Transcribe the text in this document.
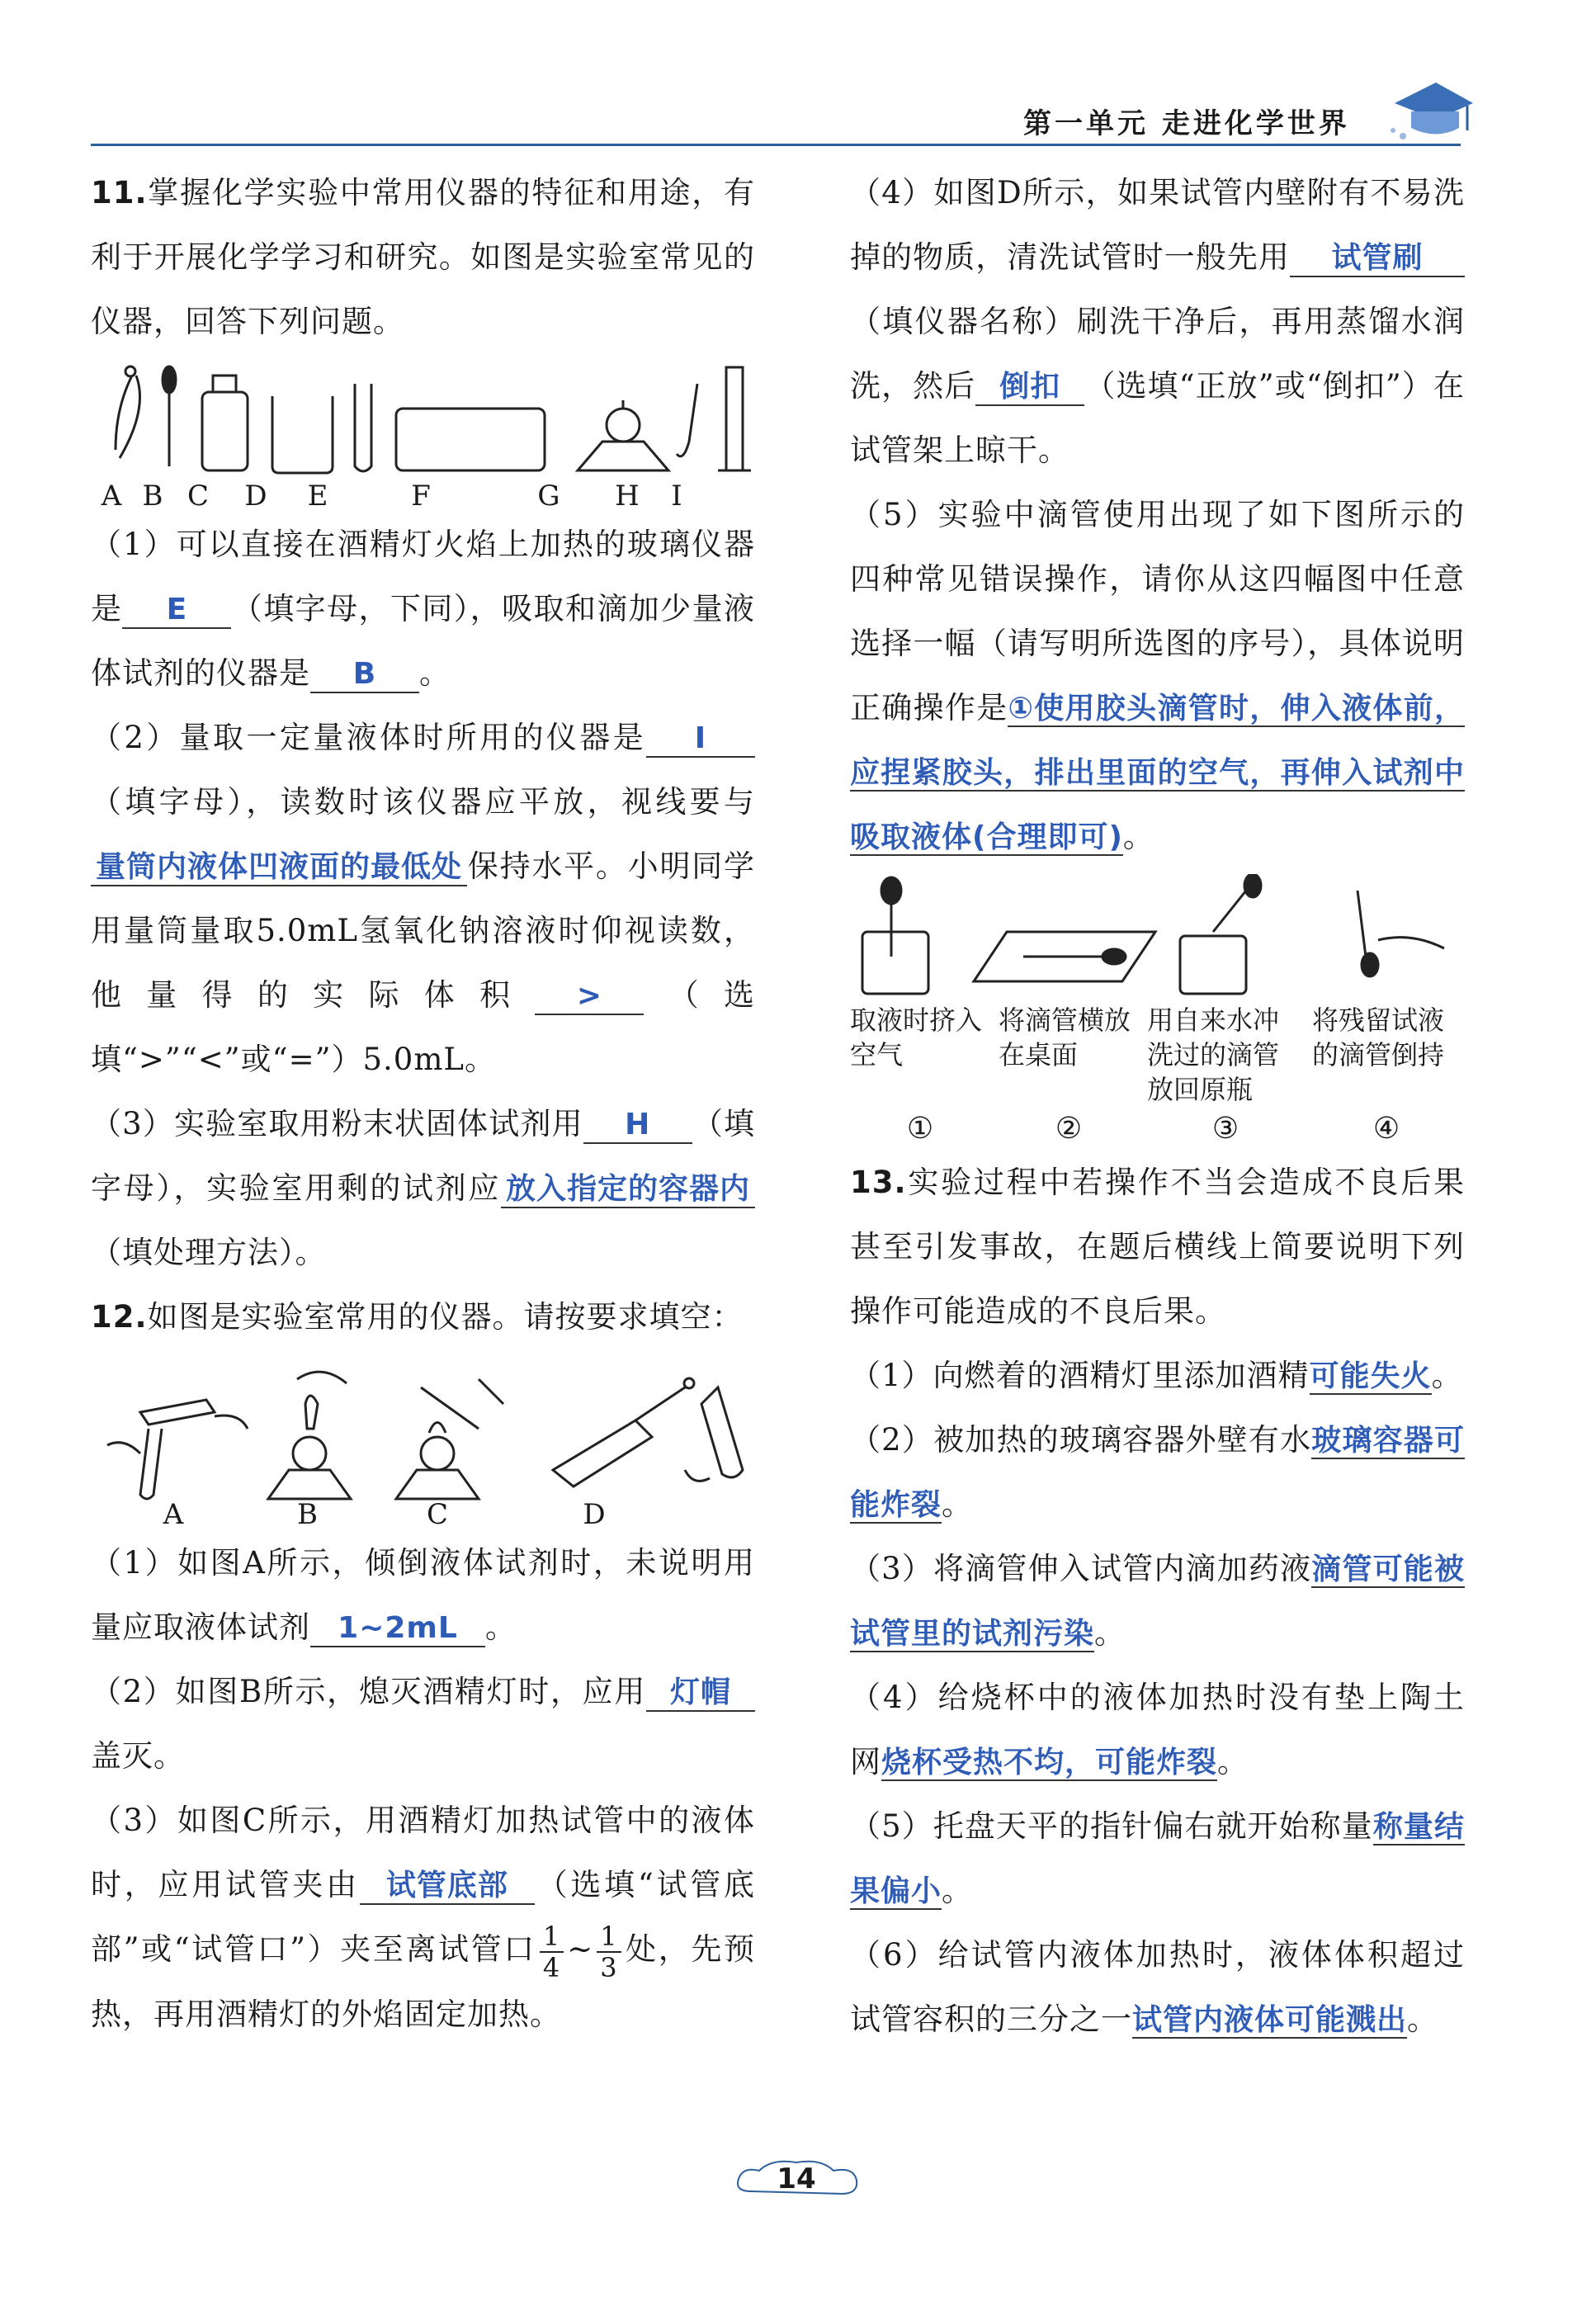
第一单元 走进化学世界

11.掌握化学实验中常用仪器的特征和用途，有利于开展化学学习和研究。如图是实验室常见的仪器，回答下列问题。

A B C	D	E	F	G	H	I

（1）可以直接在酒精灯火焰上加热的玻璃仪器是 E （填字母，下同），吸取和滴加少量液体试剂的仪器是 B 。

（2）量取一定量液体时所用的仪器是 I（填字母），读数时该仪器应平放，视线要与量筒内液体凹液面的最低处 保持水平。小明同学用量筒量取5.0mL氢氧化钠溶液时仰视读数，他量得的实际体积 > （选填“>”“<”或“=”）5.0mL。

（3）实验室取用粉末状固体试剂用 H （填字母），实验室用剩的试剂应 放入指定的容器内（填处理方法）。

12.如图是实验室常用的仪器。请按要求填空：

A	B	C	D

（1）如图A所示，倾倒液体试剂时，未说明用量应取液体试剂 1~2mL 。

（2）如图B所示，熄灭酒精灯时，应用 灯帽盖灭。

（3）如图C所示，用酒精灯加热试管中的液体时，应用试管夹由 试管底部 （选填“试管底部”或“试管口”）夹至离试管口 $\frac{1}{4}$ ~ $\frac{1}{3}$ 处，先预热，再用酒精灯的外焰固定加热。

（4）如图D所示，如果试管内壁附有不易洗掉的物质，清洗试管时一般先用 试管刷（填仪器名称）刷洗干净后，再用蒸馏水润洗，然后 倒扣 （选填“正放”或“倒扣”）在试管架上晾干。

（5）实验中滴管使用出现了如下图所示的四种常见错误操作，请你从这四幅图中任意选择一幅（请写明所选图的序号），具体说明正确操作是①使用胶头滴管时，伸入液体前，应捏紧胶头，排出里面的空气，再伸入试剂中吸取液体(合理即可)。

取液时挤入空气
将滴管横放在桌面
用自来水冲洗过的滴管放回原瓶
将残留试液的滴管倒持
①	②	③	④

13.实验过程中若操作不当会造成不良后果甚至引发事故，在题后横线上简要说明下列操作可能造成的不良后果。

（1）向燃着的酒精灯里添加酒精可能失火。

（2）被加热的玻璃容器外壁有水玻璃容器可能炸裂。

（3）将滴管伸入试管内滴加药液滴管可能被试管里的试剂污染。

（4）给烧杯中的液体加热时没有垫上陶土网烧杯受热不均，可能炸裂。

（5）托盘天平的指针偏右就开始称量称量结果偏小。

（6）给试管内液体加热时，液体体积超过试管容积的三分之一试管内液体可能溅出。

14
